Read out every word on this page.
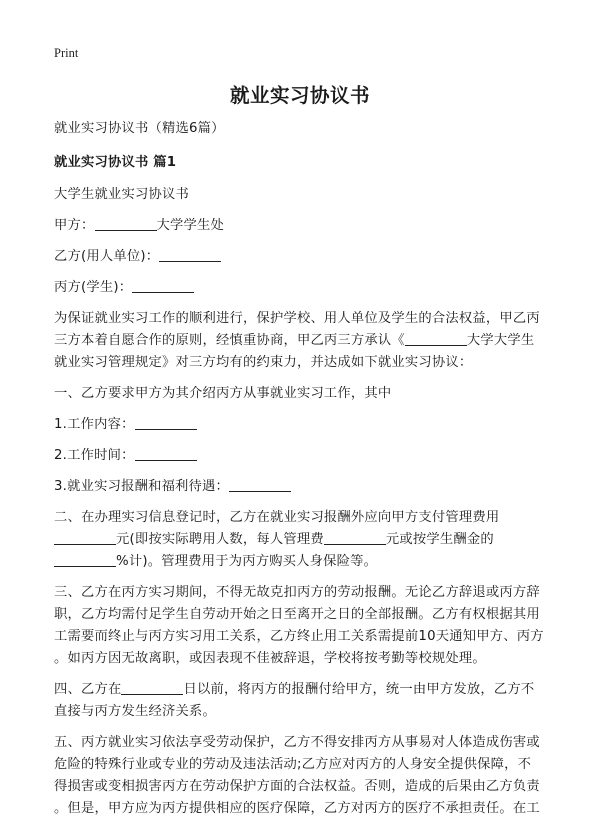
Print
就业实习协议书

就业实习协议书（精选6篇）

就业实习协议书 篇1

大学生就业实习协议书

甲方：	大学学生处

乙方(用人单位)：

丙方(学生)：

为保证就业实习工作的顺利进行，保护学校、用人单位及学生的合法权益，甲乙丙

三方本着自愿合作的原则，经慎重协商，甲乙丙三方承认《	大学大学生

就业实习管理规定》对三方均有的约束力，并达成如下就业实习协议：

一、乙方要求甲方为其介绍丙方从事就业实习工作，其中

1.工作内容：

2.工作时间：

3.就业实习报酬和福利待遇：

二、在办理实习信息登记时，乙方在就业实习报酬外应向甲方支付管理费用

元(即按实际聘用人数，每人管理费	元或按学生酬金的

%计)。管理费用于为丙方购买人身保险等。

三、乙方在丙方实习期间，不得无故克扣丙方的劳动报酬。无论乙方辞退或丙方辞

职，乙方均需付足学生自劳动开始之日至离开之日的全部报酬。乙方有权根据其用

工需要而终止与丙方实习用工关系，乙方终止用工关系需提前10天通知甲方、丙方

。如丙方因无故离职，或因表现不佳被辞退，学校将按考勤等校规处理。

四、乙方在	日以前，将丙方的报酬付给甲方，统一由甲方发放，乙方不

直接与丙方发生经济关系。

五、丙方就业实习依法享受劳动保护，乙方不得安排丙方从事易对人体造成伤害或

危险的特殊行业或专业的劳动及违法活动;乙方应对丙方的人身安全提供保障，不

得损害或变相损害丙方在劳动保护方面的合法权益。否则，造成的后果由乙方负责

。但是，甲方应为丙方提供相应的医疗保障，乙方对丙方的医疗不承担责任。在工
